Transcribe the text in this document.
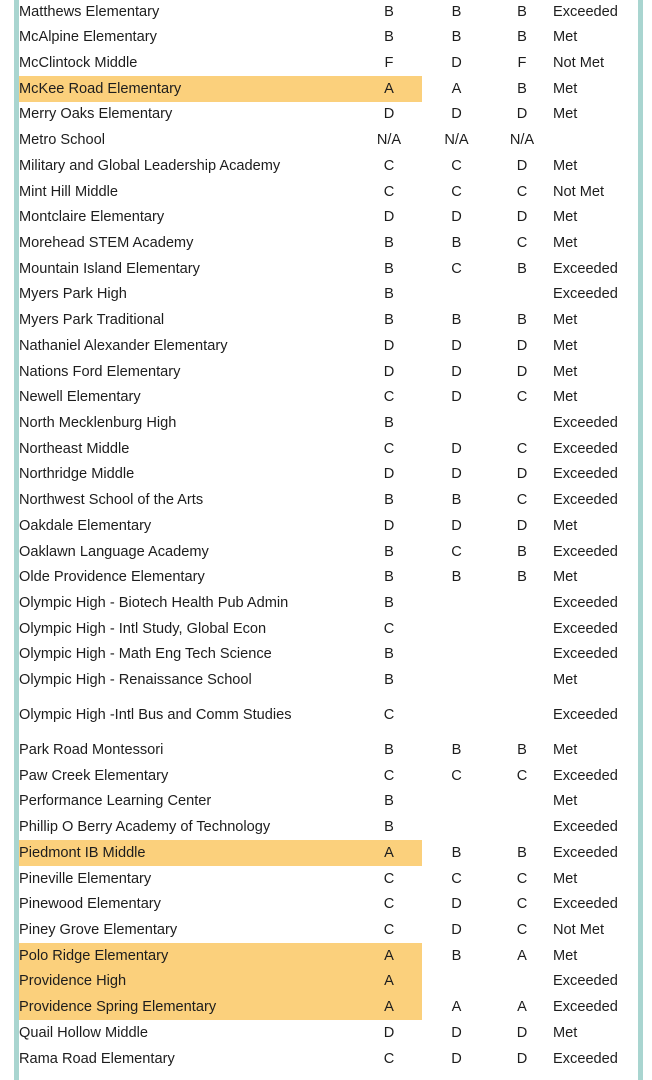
Matthews Elementary	B	B	B	Exceeded
McAlpine Elementary	B	B	B	Met
McClintock Middle	F	D	F	Not Met
McKee Road Elementary	A	A	B	Met
Merry Oaks Elementary	D	D	D	Met
Metro School	N/A	N/A	N/A	
Military and Global Leadership Academy	C	C	D	Met
Mint Hill Middle	C	C	C	Not Met
Montclaire Elementary	D	D	D	Met
Morehead STEM Academy	B	B	C	Met
Mountain Island Elementary	B	C	B	Exceeded
Myers Park High	B			Exceeded
Myers Park Traditional	B	B	B	Met
Nathaniel Alexander Elementary	D	D	D	Met
Nations Ford Elementary	D	D	D	Met
Newell Elementary	C	D	C	Met
North Mecklenburg High	B			Exceeded
Northeast Middle	C	D	C	Exceeded
Northridge Middle	D	D	D	Exceeded
Northwest School of the Arts	B	B	C	Exceeded
Oakdale Elementary	D	D	D	Met
Oaklawn Language Academy	B	C	B	Exceeded
Olde Providence Elementary	B	B	B	Met
Olympic High - Biotech Health Pub Admin	B			Exceeded
Olympic High - Intl Study, Global Econ	C			Exceeded
Olympic High - Math Eng Tech Science	B			Exceeded
Olympic High - Renaissance School	B			Met
Olympic High -Intl Bus and Comm Studies	C			Exceeded
Park Road Montessori	B	B	B	Met
Paw Creek Elementary	C	C	C	Exceeded
Performance Learning Center	B			Met
Phillip O Berry Academy of Technology	B			Exceeded
Piedmont IB Middle	A	B	B	Exceeded
Pineville Elementary	C	C	C	Met
Pinewood Elementary	C	D	C	Exceeded
Piney Grove Elementary	C	D	C	Not Met
Polo Ridge Elementary	A	B	A	Met
Providence High	A			Exceeded
Providence Spring Elementary	A	A	A	Exceeded
Quail Hollow Middle	D	D	D	Met
Rama Road Elementary	C	D	D	Exceeded
